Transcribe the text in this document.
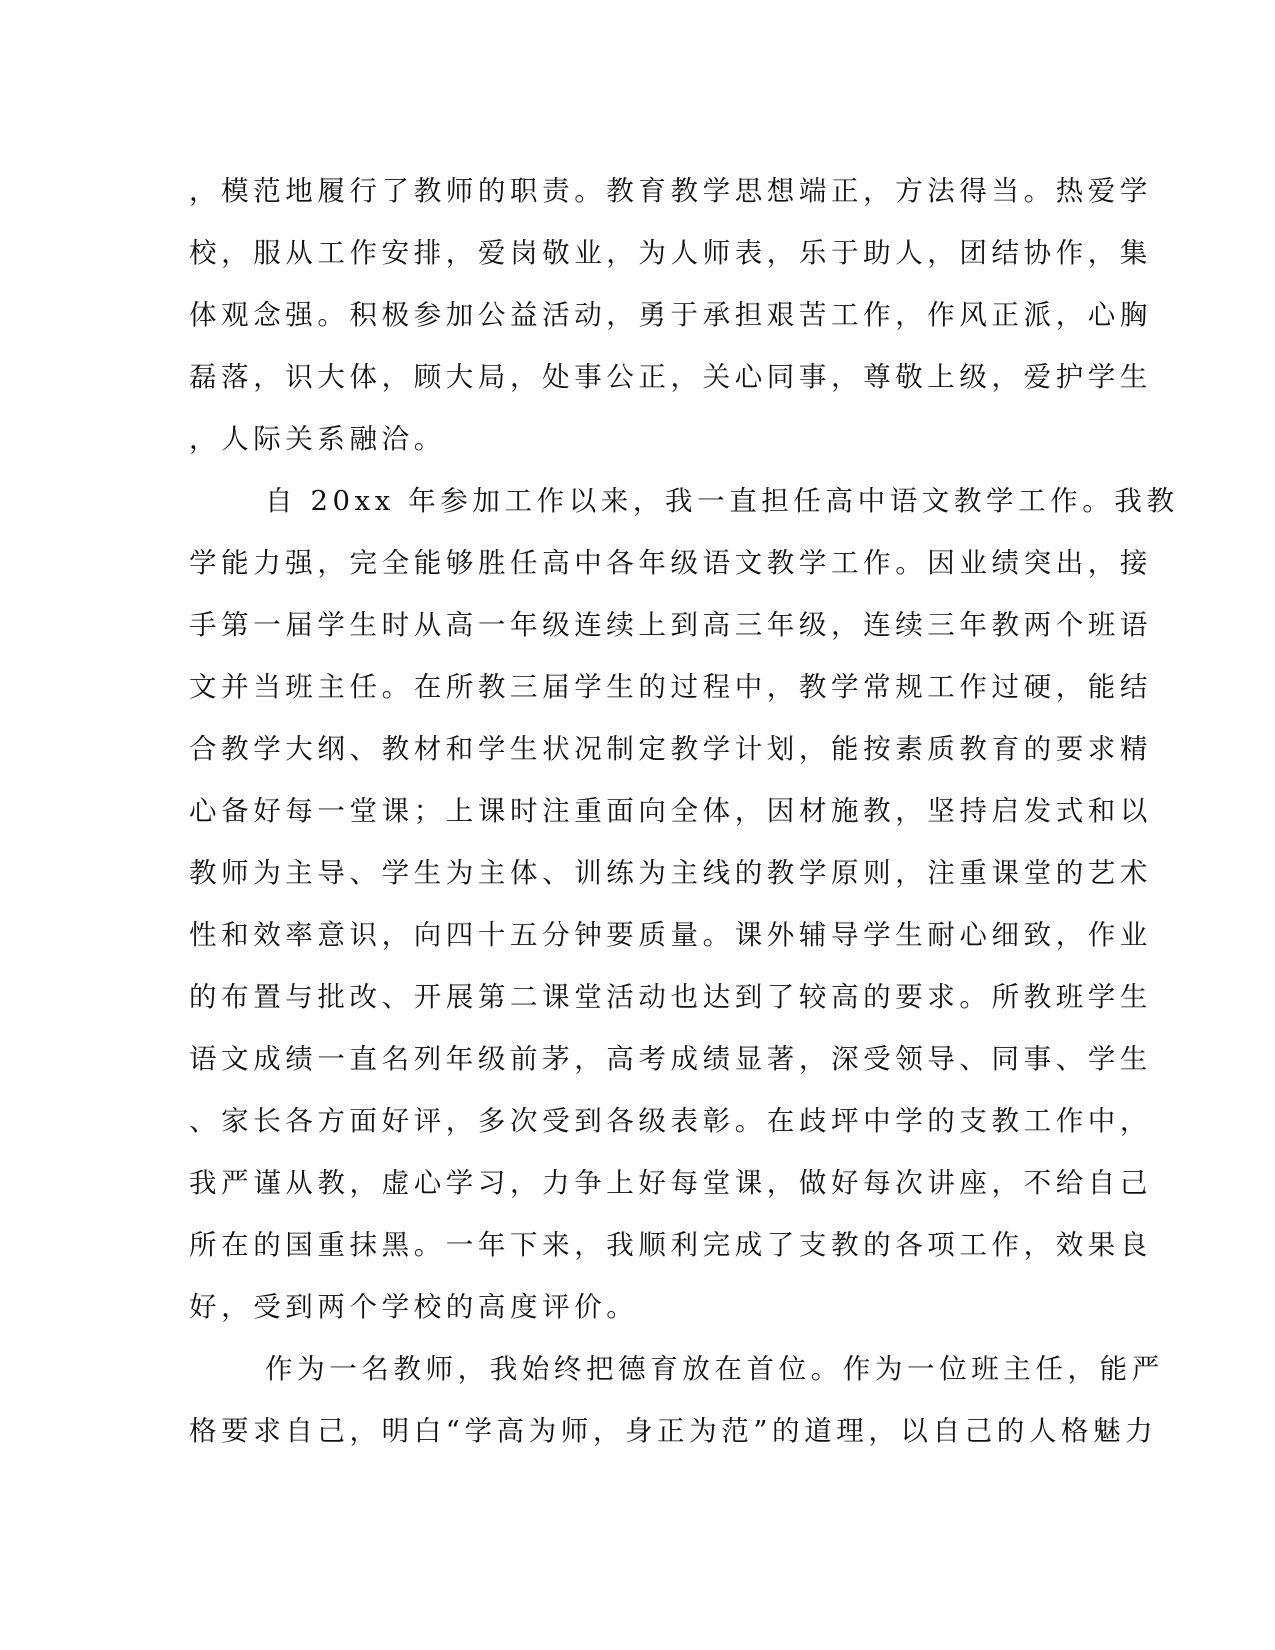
，模范地履行了教师的职责。教育教学思想端正，方法得当。热爱学
校，服从工作安排，爱岗敬业，为人师表，乐于助人，团结协作，集
体观念强。积极参加公益活动，勇于承担艰苦工作，作风正派，心胸
磊落，识大体，顾大局，处事公正，关心同事，尊敬上级，爱护学生
，人际关系融洽。
自 20xx 年参加工作以来，我一直担任高中语文教学工作。我教
学能力强，完全能够胜任高中各年级语文教学工作。因业绩突出，接
手第一届学生时从高一年级连续上到高三年级，连续三年教两个班语
文并当班主任。在所教三届学生的过程中，教学常规工作过硬，能结
合教学大纲、教材和学生状况制定教学计划，能按素质教育的要求精
心备好每一堂课；上课时注重面向全体，因材施教，坚持启发式和以
教师为主导、学生为主体、训练为主线的教学原则，注重课堂的艺术
性和效率意识，向四十五分钟要质量。课外辅导学生耐心细致，作业
的布置与批改、开展第二课堂活动也达到了较高的要求。所教班学生
语文成绩一直名列年级前茅，高考成绩显著，深受领导、同事、学生
、家长各方面好评，多次受到各级表彰。在歧坪中学的支教工作中，
我严谨从教，虚心学习，力争上好每堂课，做好每次讲座，不给自己
所在的国重抹黑。一年下来，我顺利完成了支教的各项工作，效果良
好，受到两个学校的高度评价。
作为一名教师，我始终把德育放在首位。作为一位班主任，能严
格要求自己，明白“学高为师，身正为范”的道理，以自己的人格魅力
